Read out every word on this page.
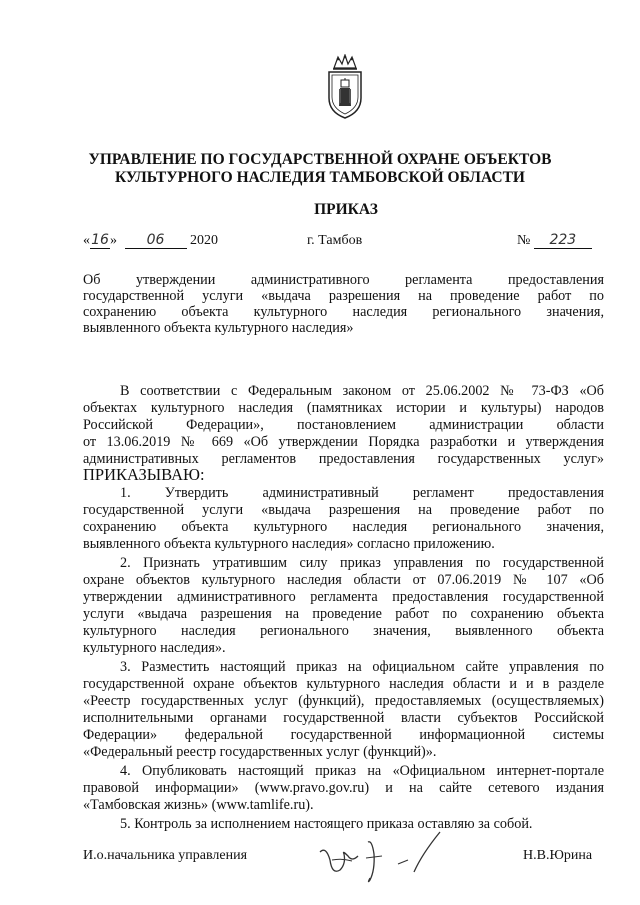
УПРАВЛЕНИЕ ПО ГОСУДАРСТВЕННОЙ ОХРАНЕ ОБЪЕКТОВ
КУЛЬТУРНОГО НАСЛЕДИЯ ТАМБОВСКОЙ ОБЛАСТИ
ПРИКАЗ
«16» 06 2020	г. Тамбов	№ 223
Об утверждении административного регламента предоставления
государственной услуги «выдача разрешения на проведение работ по
сохранению объекта культурного наследия регионального значения,
выявленного объекта культурного наследия»
В соответствии с Федеральным законом от 25.06.2002 № 73-ФЗ «Об
объектах культурного наследия (памятниках истории и культуры) народов
Российской Федерации», постановлением администрации области
от 13.06.2019 № 669 «Об утверждении Порядка разработки и утверждения
административных регламентов предоставления государственных услуг»
ПРИКАЗЫВАЮ:
1. Утвердить административный регламент предоставления
государственной услуги «выдача разрешения на проведение работ по
сохранению объекта культурного наследия регионального значения,
выявленного объекта культурного наследия» согласно приложению.
2. Признать утратившим силу приказ управления по государственной
охране объектов культурного наследия области от 07.06.2019 № 107 «Об
утверждении административного регламента предоставления государственной
услуги «выдача разрешения на проведение работ по сохранению объекта
культурного наследия регионального значения, выявленного объекта
культурного наследия».
3. Разместить настоящий приказ на официальном сайте управления по
государственной охране объектов культурного наследия области и и в разделе
«Реестр государственных услуг (функций), предоставляемых (осуществляемых)
исполнительными органами государственной власти субъектов Российской
Федерации» федеральной государственной информационной системы
«Федеральный реестр государственных услуг (функций)».
4. Опубликовать настоящий приказ на «Официальном интернет-портале
правовой информации» (www.pravo.gov.ru) и на сайте сетевого издания
«Тамбовская жизнь» (www.tamlife.ru).
5. Контроль за исполнением настоящего приказа оставляю за собой.
И.о.начальника управления	Н.В.Юрина
